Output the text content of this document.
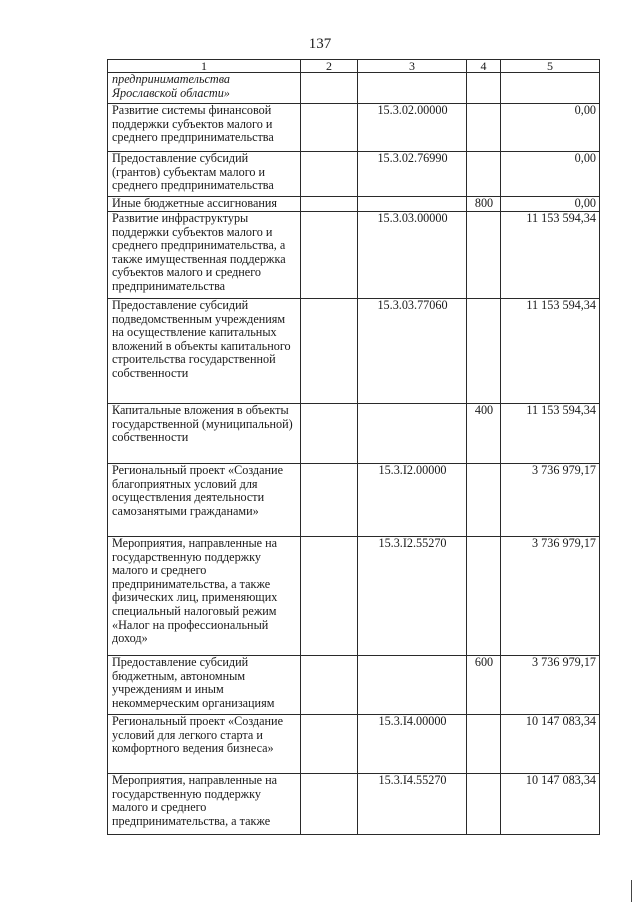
137
1	2	3	4	5
предпринимательства Ярославской области»				
Развитие системы финансовой поддержки субъектов малого и среднего предпринимательства		15.3.02.00000		0,00
Предоставление субсидий (грантов) субъектам малого и среднего предпринимательства		15.3.02.76990		0,00
Иные бюджетные ассигнования			800	0,00
Развитие инфраструктуры поддержки субъектов малого и среднего предпринимательства, а также имущественная поддержка субъектов малого и среднего предпринимательства		15.3.03.00000		11 153 594,34
Предоставление субсидий подведомственным учреждениям на осуществление капитальных вложений в объекты капитального строительства государственной собственности		15.3.03.77060		11 153 594,34
Капитальные вложения в объекты государственной (муниципальной) собственности			400	11 153 594,34
Региональный проект «Создание благоприятных условий для осуществления деятельности самозанятыми гражданами»		15.3.I2.00000		3 736 979,17
Мероприятия, направленные на государственную поддержку малого и среднего предпринимательства, а также физических лиц, применяющих специальный налоговый режим «Налог на профессиональный доход»		15.3.I2.55270		3 736 979,17
Предоставление субсидий бюджетным, автономным учреждениям и иным некоммерческим организациям			600	3 736 979,17
Региональный проект «Создание условий для легкого старта и комфортного ведения бизнеса»		15.3.I4.00000		10 147 083,34
Мероприятия, направленные на государственную поддержку малого и среднего предпринимательства, а также		15.3.I4.55270		10 147 083,34
